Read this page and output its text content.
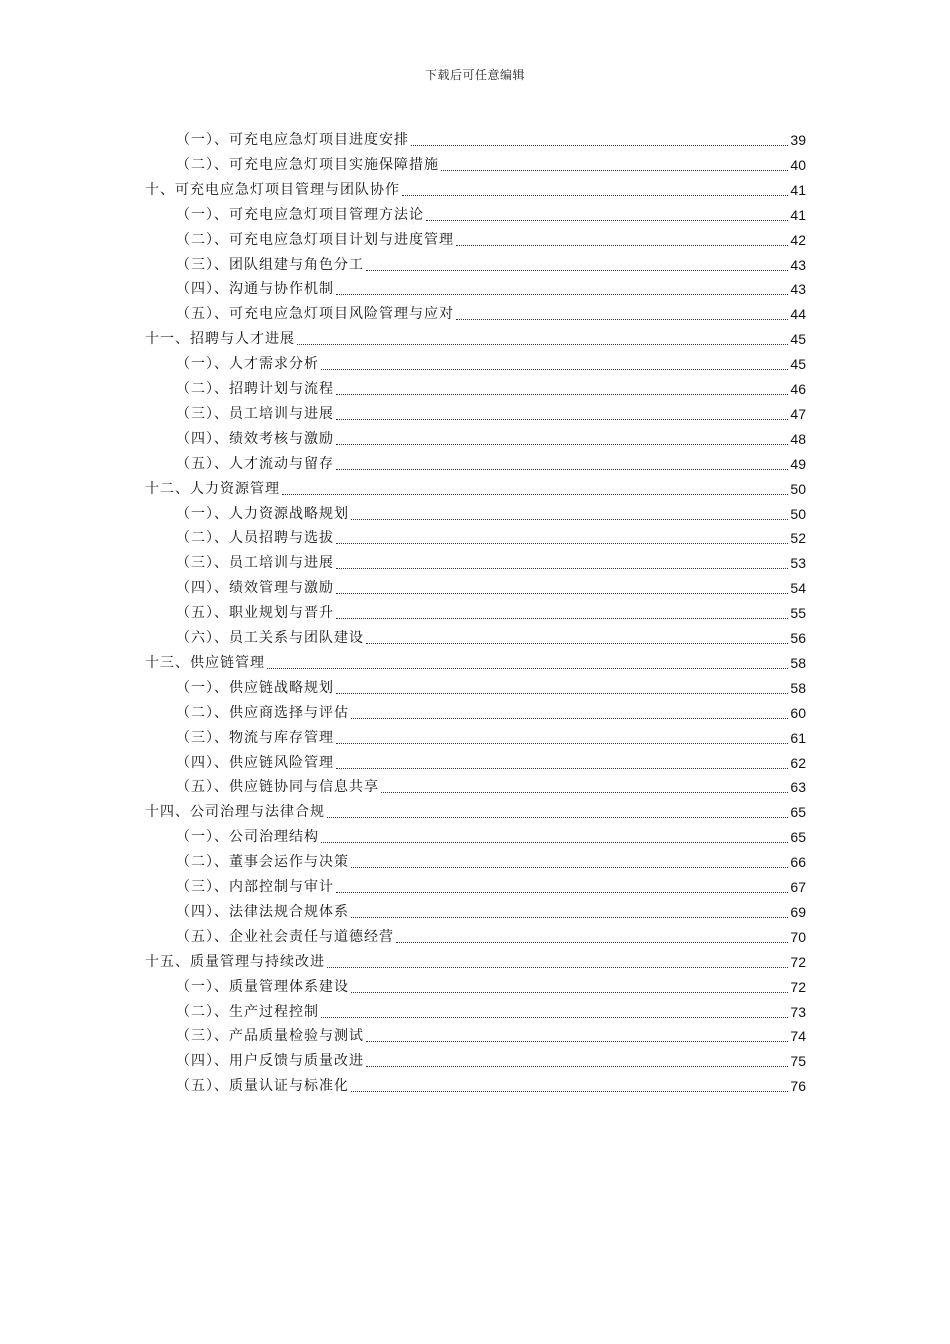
下载后可任意编辑
（一）、可充电应急灯项目进度安排	39
（二）、可充电应急灯项目实施保障措施	40
十、可充电应急灯项目管理与团队协作	41
（一）、可充电应急灯项目管理方法论	41
（二）、可充电应急灯项目计划与进度管理	42
（三）、团队组建与角色分工	43
（四）、沟通与协作机制	43
（五）、可充电应急灯项目风险管理与应对	44
十一、招聘与人才进展	45
（一）、人才需求分析	45
（二）、招聘计划与流程	46
（三）、员工培训与进展	47
（四）、绩效考核与激励	48
（五）、人才流动与留存	49
十二、人力资源管理	50
（一）、人力资源战略规划	50
（二）、人员招聘与选拔	52
（三）、员工培训与进展	53
（四）、绩效管理与激励	54
（五）、职业规划与晋升	55
（六）、员工关系与团队建设	56
十三、供应链管理	58
（一）、供应链战略规划	58
（二）、供应商选择与评估	60
（三）、物流与库存管理	61
（四）、供应链风险管理	62
（五）、供应链协同与信息共享	63
十四、公司治理与法律合规	65
（一）、公司治理结构	65
（二）、董事会运作与决策	66
（三）、内部控制与审计	67
（四）、法律法规合规体系	69
（五）、企业社会责任与道德经营	70
十五、质量管理与持续改进	72
（一）、质量管理体系建设	72
（二）、生产过程控制	73
（三）、产品质量检验与测试	74
（四）、用户反馈与质量改进	75
（五）、质量认证与标准化	76
